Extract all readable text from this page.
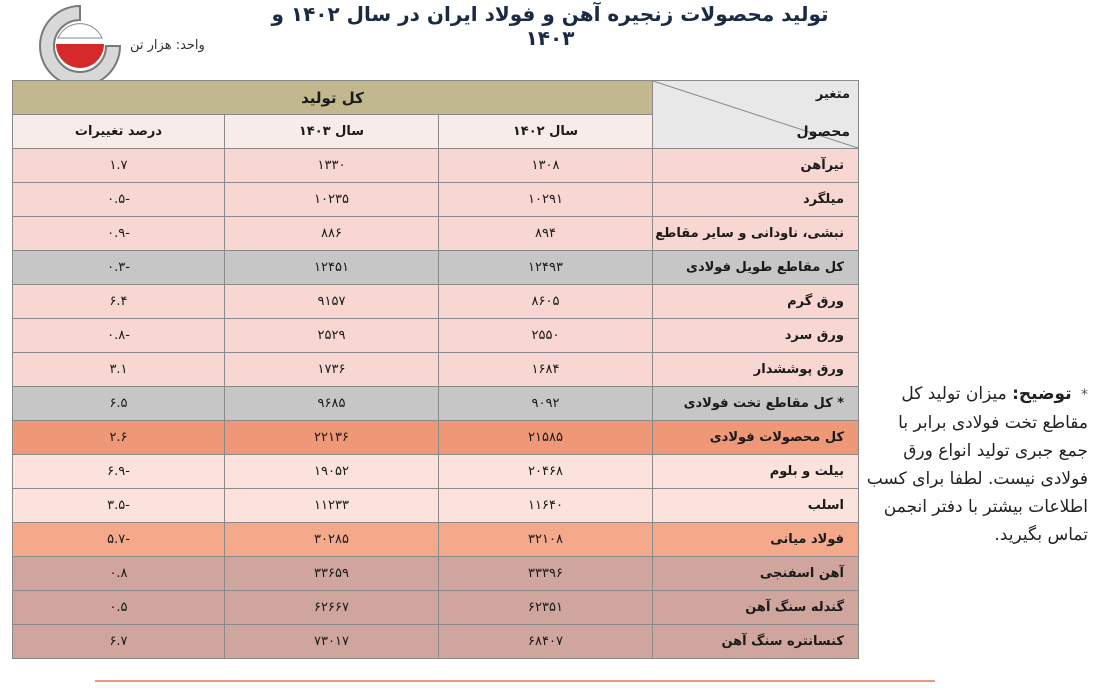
تولید محصولات زنجیره آهن و فولاد ایران در سال ۱۴۰۲ و ۱۴۰۳
واحد: هزار تن
متغیر
محصول	کل تولید		
	سال ۱۴۰۲	سال ۱۴۰۳	درصد تغییرات
تیرآهن	۱۳۰۸	۱۳۳۰	۱.۷
میلگرد	۱۰۲۹۱	۱۰۲۳۵	-۰.۵
نبشی، ناودانی و سایر مقاطع	۸۹۴	۸۸۶	-۰.۹
کل مقاطع طویل فولادی	۱۲۴۹۳	۱۲۴۵۱	-۰.۳
ورق گرم	۸۶۰۵	۹۱۵۷	۶.۴
ورق سرد	۲۵۵۰	۲۵۲۹	-۰.۸
ورق پوششدار	۱۶۸۴	۱۷۳۶	۳.۱
* کل مقاطع تخت فولادی	۹۰۹۲	۹۶۸۵	۶.۵
کل محصولات فولادی	۲۱۵۸۵	۲۲۱۳۶	۲.۶
بیلت و بلوم	۲۰۴۶۸	۱۹۰۵۲	-۶.۹
اسلب	۱۱۶۴۰	۱۱۲۳۳	-۳.۵
فولاد میانی	۳۲۱۰۸	۳۰۲۸۵	-۵.۷
آهن اسفنجی	۳۳۳۹۶	۳۳۶۵۹	۰.۸
گندله سنگ آهن	۶۲۳۵۱	۶۲۶۶۷	۰.۵
کنسانتره سنگ آهن	۶۸۴۰۷	۷۳۰۱۷	۶.۷
* توضیح: میزان تولید کل مقاطع تخت فولادی برابر با جمع جبری تولید انواع ورق فولادی نیست. لطفا برای کسب اطلاعات بیشتر با دفتر انجمن تماس بگیرید.
